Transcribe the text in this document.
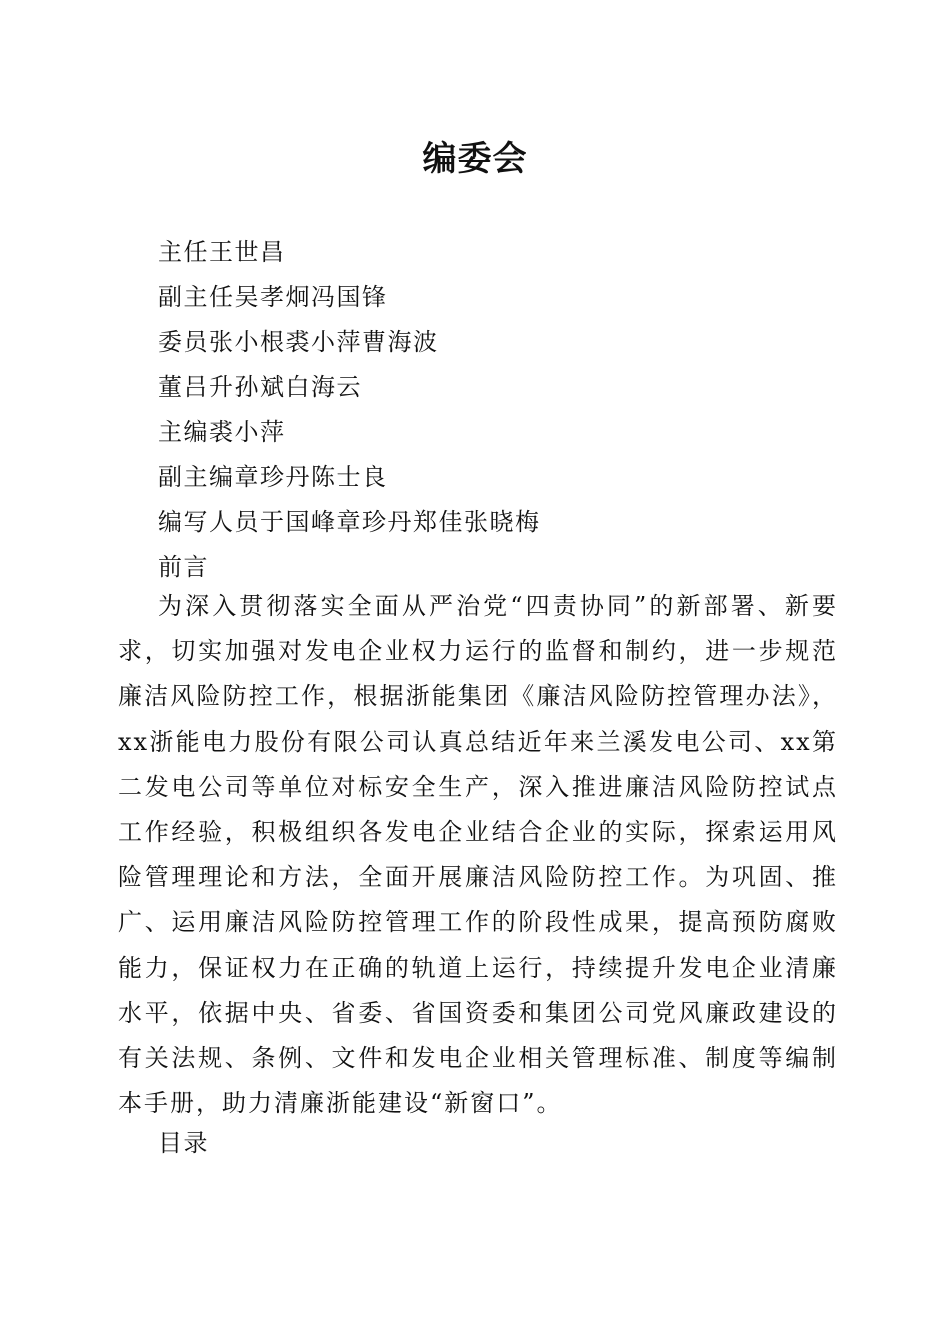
编委会

主任王世昌

副主任吴孝炯冯国锋

委员张小根裘小萍曹海波

董吕升孙斌白海云

主编裘小萍

副主编章珍丹陈士良

编写人员于国峰章珍丹郑佳张晓梅

前言

为深入贯彻落实全面从严治党“四责协同”的新部署、新要求，切实加强对发电企业权力运行的监督和制约，进一步规范廉洁风险防控工作，根据浙能集团《廉洁风险防控管理办法》，xx浙能电力股份有限公司认真总结近年来兰溪发电公司、xx第二发电公司等单位对标安全生产，深入推进廉洁风险防控试点工作经验，积极组织各发电企业结合企业的实际，探索运用风险管理理论和方法，全面开展廉洁风险防控工作。为巩固、推广、运用廉洁风险防控管理工作的阶段性成果，提高预防腐败能力，保证权力在正确的轨道上运行，持续提升发电企业清廉水平，依据中央、省委、省国资委和集团公司党风廉政建设的有关法规、条例、文件和发电企业相关管理标准、制度等编制本手册，助力清廉浙能建设“新窗口”。

目录
